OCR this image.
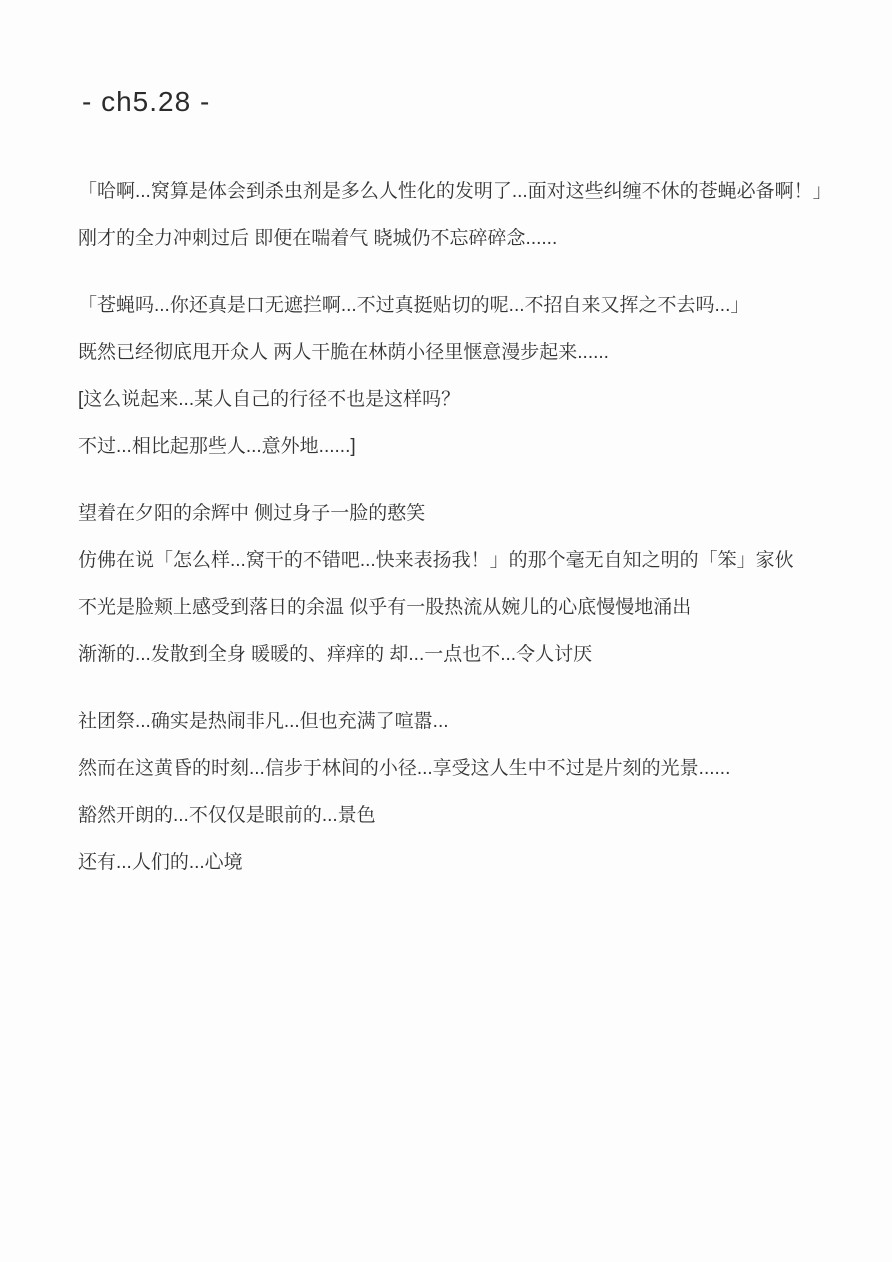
- ch5.28 -

「哈啊...窝算是体会到杀虫剂是多么人性化的发明了...面对这些纠缠不休的苍蝇必备啊！」

刚才的全力冲刺过后 即便在喘着气 晓城仍不忘碎碎念......

「苍蝇吗...你还真是口无遮拦啊...不过真挺贴切的呢...不招自来又挥之不去吗...」

既然已经彻底甩开众人 两人干脆在林荫小径里惬意漫步起来......

[这么说起来...某人自己的行径不也是这样吗？

不过...相比起那些人...意外地......]

望着在夕阳的余辉中 侧过身子一脸的憨笑

仿佛在说「怎么样...窝干的不错吧...快来表扬我！」的那个毫无自知之明的「笨」家伙

不光是脸颊上感受到落日的余温 似乎有一股热流从婉儿的心底慢慢地涌出

渐渐的...发散到全身 暖暖的、痒痒的 却...一点也不...令人讨厌

社团祭...确实是热闹非凡...但也充满了喧嚣...

然而在这黄昏的时刻...信步于林间的小径...享受这人生中不过是片刻的光景......

豁然开朗的...不仅仅是眼前的...景色

还有...人们的...心境
